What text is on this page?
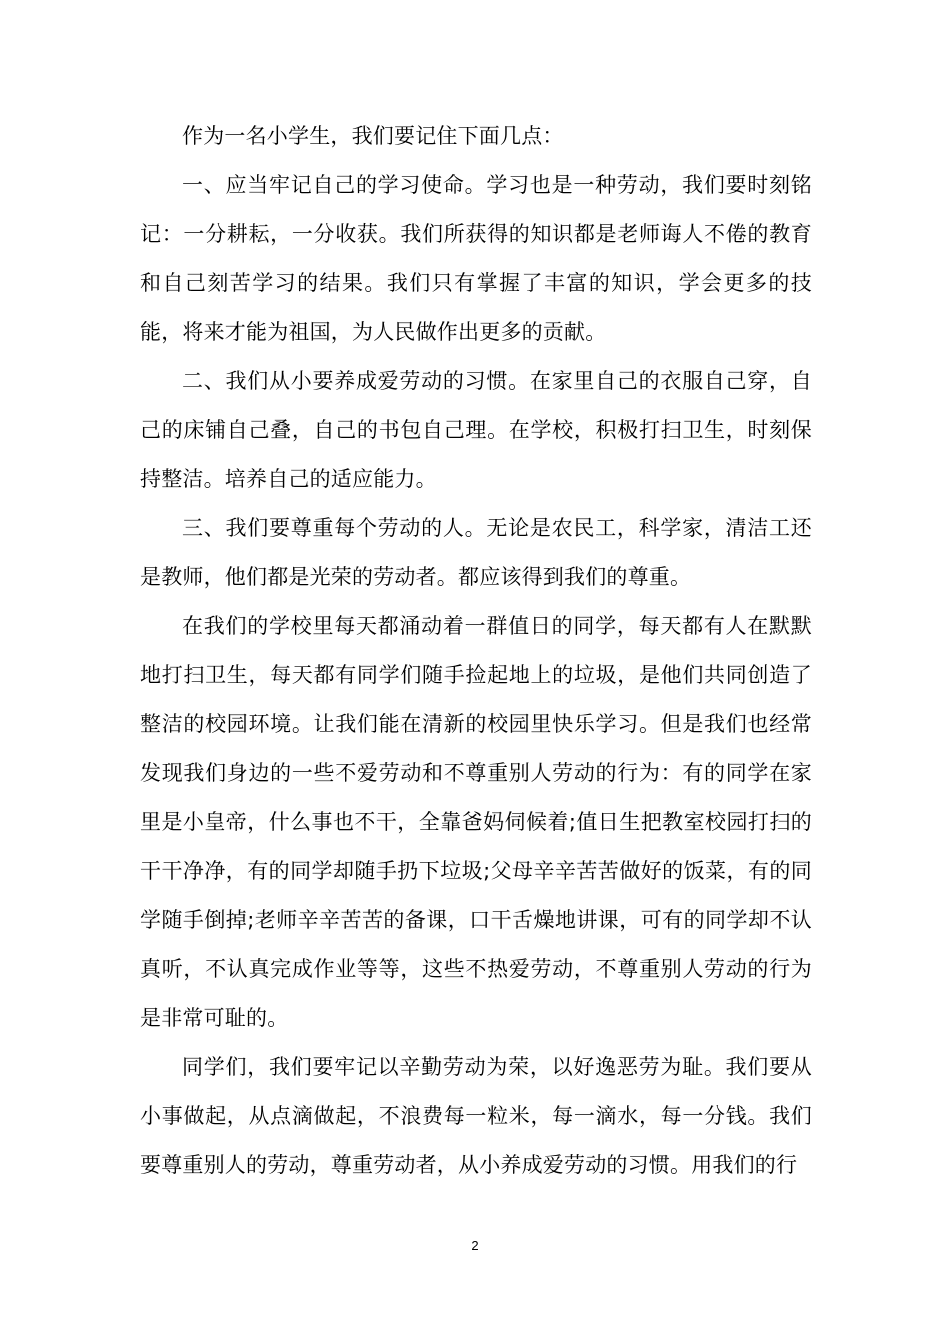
作为一名小学生，我们要记住下面几点：

一、应当牢记自己的学习使命。学习也是一种劳动，我们要时刻铭记：一分耕耘，一分收获。我们所获得的知识都是老师诲人不倦的教育和自己刻苦学习的结果。我们只有掌握了丰富的知识，学会更多的技能，将来才能为祖国，为人民做作出更多的贡献。

二、我们从小要养成爱劳动的习惯。在家里自己的衣服自己穿，自己的床铺自己叠，自己的书包自己理。在学校，积极打扫卫生，时刻保持整洁。培养自己的适应能力。

三、我们要尊重每个劳动的人。无论是农民工，科学家，清洁工还是教师，他们都是光荣的劳动者。都应该得到我们的尊重。

在我们的学校里每天都涌动着一群值日的同学，每天都有人在默默地打扫卫生，每天都有同学们随手捡起地上的垃圾，是他们共同创造了整洁的校园环境。让我们能在清新的校园里快乐学习。但是我们也经常发现我们身边的一些不爱劳动和不尊重别人劳动的行为：有的同学在家里是小皇帝，什么事也不干，全靠爸妈伺候着;值日生把教室校园打扫的干干净净，有的同学却随手扔下垃圾;父母辛辛苦苦做好的饭菜，有的同学随手倒掉;老师辛辛苦苦的备课，口干舌燥地讲课，可有的同学却不认真听，不认真完成作业等等，这些不热爱劳动，不尊重别人劳动的行为是非常可耻的。

同学们，我们要牢记以辛勤劳动为荣，以好逸恶劳为耻。我们要从小事做起，从点滴做起，不浪费每一粒米，每一滴水，每一分钱。我们要尊重别人的劳动，尊重劳动者，从小养成爱劳动的习惯。用我们的行

2
